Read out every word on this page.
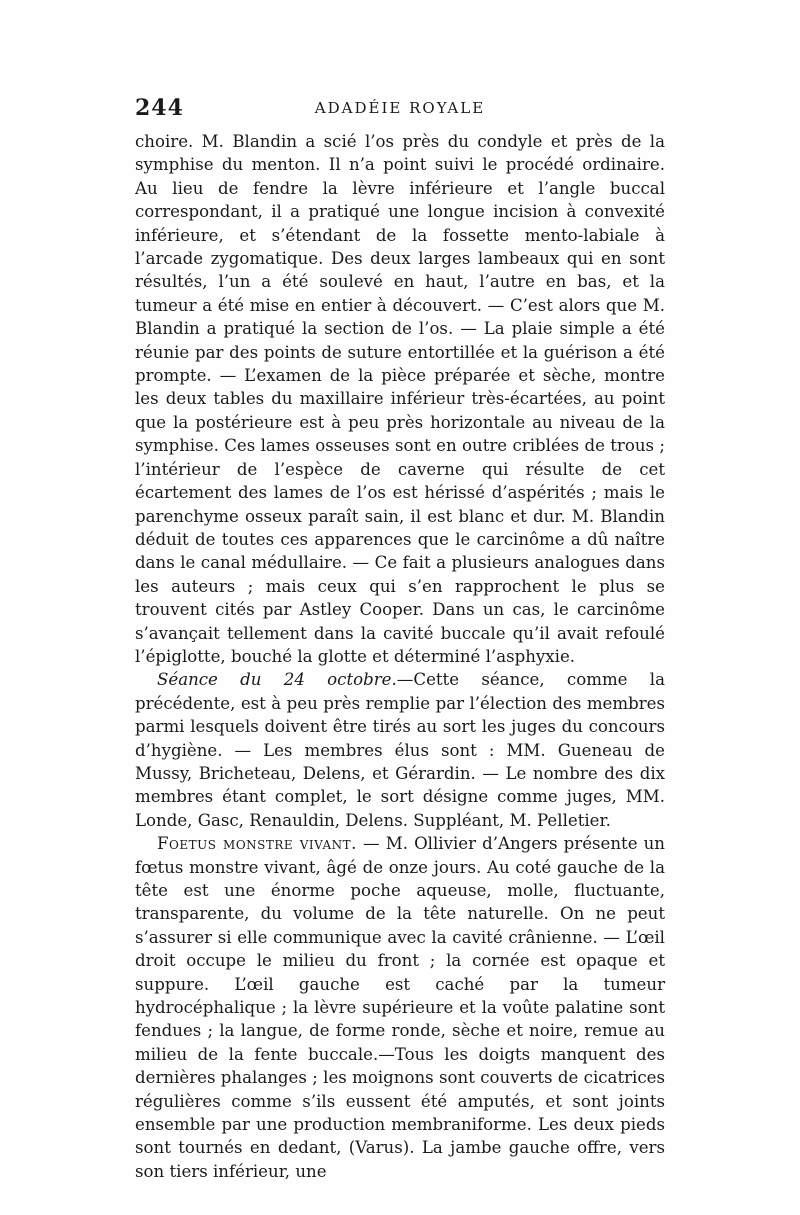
244	ADADÉIE ROYALE

choire. M. Blandin a scié l’os près du condyle et près de la symphise du menton. Il n’a point suivi le procédé ordinaire. Au lieu de fendre la lèvre inférieure et l’angle buccal correspondant, il a pratiqué une longue incision à convexité inférieure, et s’étendant de la fossette mento-labiale à l’arcade zygomatique. Des deux larges lambeaux qui en sont résultés, l’un a été soulevé en haut, l’autre en bas, et la tumeur a été mise en entier à découvert. — C’est alors que M. Blandin a pratiqué la section de l’os. — La plaie simple a été réunie par des points de suture entortillée et la guérison a été prompte. — L’examen de la pièce préparée et sèche, montre les deux tables du maxillaire inférieur très-écartées, au point que la postérieure est à peu près horizontale au niveau de la symphise. Ces lames osseuses sont en outre criblées de trous ; l’intérieur de l’espèce de caverne qui résulte de cet écartement des lames de l’os est hérissé d’aspérités ; mais le parenchyme osseux paraît sain, il est blanc et dur. M. Blandin déduit de toutes ces apparences que le carcinôme a dû naître dans le canal médullaire. — Ce fait a plusieurs analogues dans les auteurs ; mais ceux qui s’en rapprochent le plus se trouvent cités par Astley Cooper. Dans un cas, le carcinôme s’avançait tellement dans la cavité buccale qu’il avait refoulé l’épiglotte, bouché la glotte et déterminé l’asphyxie.

Séance du 24 octobre.—Cette séance, comme la précédente, est à peu près remplie par l’élection des membres parmi lesquels doivent être tirés au sort les juges du concours d’hygiène. — Les membres élus sont : MM. Gueneau de Mussy, Bricheteau, Delens, et Gérardin. — Le nombre des dix membres étant complet, le sort désigne comme juges, MM. Londe, Gasc, Renauldin, Delens. Suppléant, M. Pelletier.

Foetus monstre vivant. — M. Ollivier d’Angers présente un fœtus monstre vivant, âgé de onze jours. Au coté gauche de la tête est une énorme poche aqueuse, molle, fluctuante, transparente, du volume de la tête naturelle. On ne peut s’assurer si elle communique avec la cavité crânienne. — L’œil droit occupe le milieu du front ; la cornée est opaque et suppure. L’œil gauche est caché par la tumeur hydrocéphalique ; la lèvre supérieure et la voûte palatine sont fendues ; la langue, de forme ronde, sèche et noire, remue au milieu de la fente buccale.—Tous les doigts manquent des dernières phalanges ; les moignons sont couverts de cicatrices régulières comme s’ils eussent été amputés, et sont joints ensemble par une production membraniforme. Les deux pieds sont tournés en dedant, (Varus). La jambe gauche offre, vers son tiers inférieur, une
